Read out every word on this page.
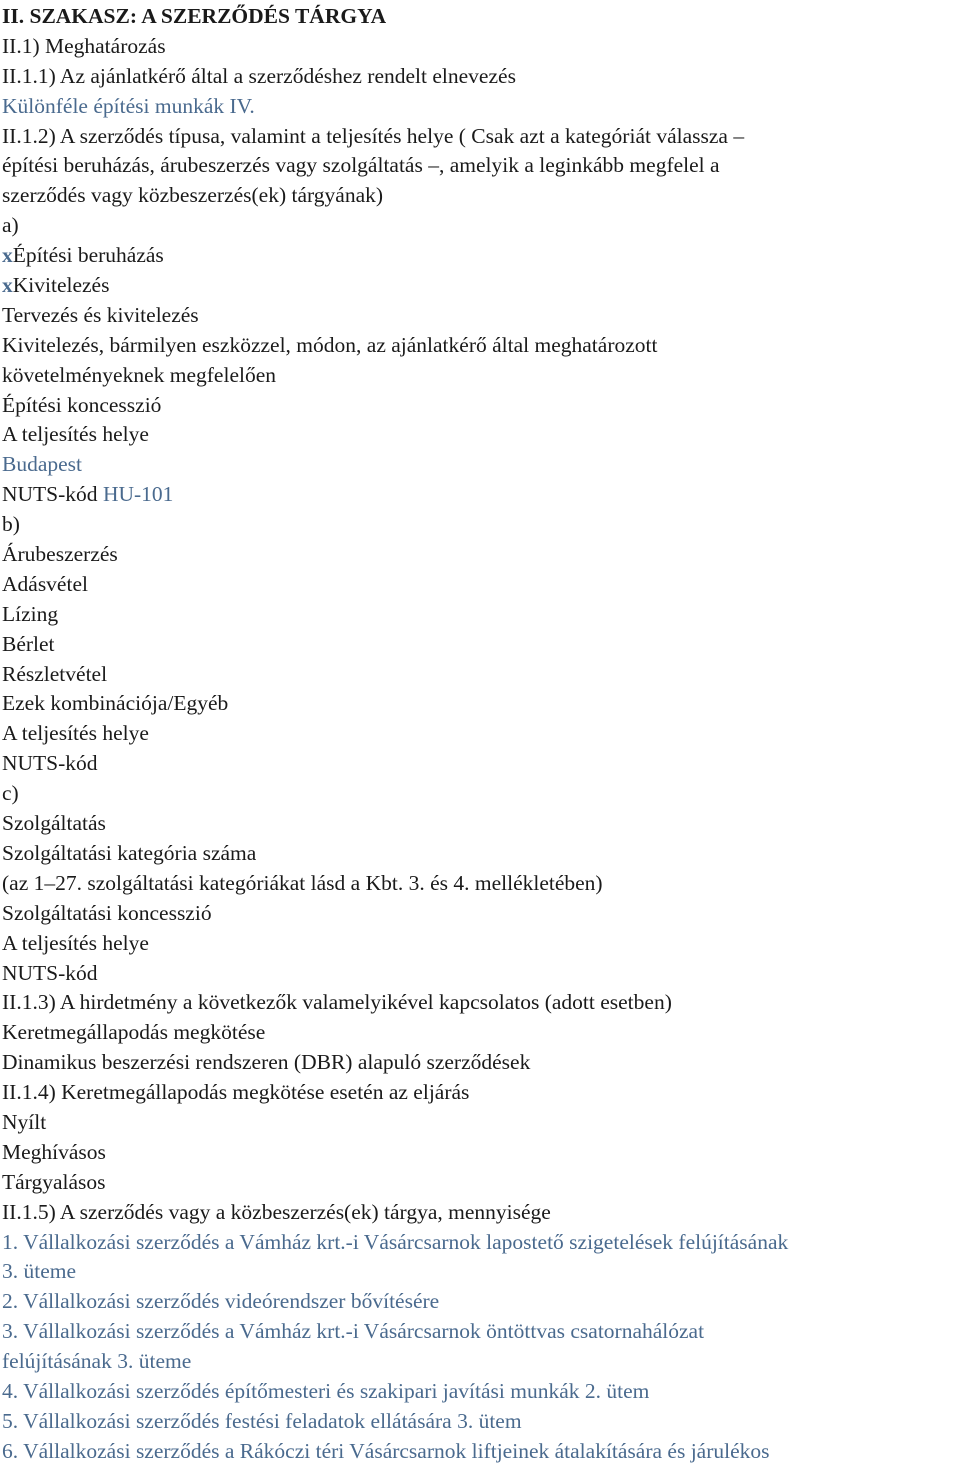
II. SZAKASZ: A SZERZŐDÉS TÁRGYA
II.1) Meghatározás
II.1.1) Az ajánlatkérő által a szerződéshez rendelt elnevezés
Különféle építési munkák IV.
II.1.2) A szerződés típusa, valamint a teljesítés helye ( Csak azt a kategóriát válassza –
építési beruházás, árubeszerzés vagy szolgáltatás –, amelyik a leginkább megfelel a
szerződés vagy közbeszerzés(ek) tárgyának)
a)
xÉpítési beruházás
xKivitelezés
Tervezés és kivitelezés
Kivitelezés, bármilyen eszközzel, módon, az ajánlatkérő által meghatározott
követelményeknek megfelelően
Építési koncesszió
A teljesítés helye
Budapest
NUTS-kód HU-101
b)
Árubeszerzés
Adásvétel
Lízing
Bérlet
Részletvétel
Ezek kombinációja/Egyéb
A teljesítés helye
NUTS-kód
c)
Szolgáltatás
Szolgáltatási kategória száma
(az 1–27. szolgáltatási kategóriákat lásd a Kbt. 3. és 4. mellékletében)
Szolgáltatási koncesszió
A teljesítés helye
NUTS-kód
II.1.3) A hirdetmény a következők valamelyikével kapcsolatos (adott esetben)
Keretmegállapodás megkötése
Dinamikus beszerzési rendszeren (DBR) alapuló szerződések
II.1.4) Keretmegállapodás megkötése esetén az eljárás
Nyílt
Meghívásos
Tárgyalásos
II.1.5) A szerződés vagy a közbeszerzés(ek) tárgya, mennyisége
1. Vállalkozási szerződés a Vámház krt.-i Vásárcsarnok lapostető szigetelések felújításának
3. üteme
2. Vállalkozási szerződés videórendszer bővítésére
3. Vállalkozási szerződés a Vámház krt.-i Vásárcsarnok öntöttvas csatornahálózat
felújításának 3. üteme
4. Vállalkozási szerződés építőmesteri és szakipari javítási munkák 2. ütem
5. Vállalkozási szerződés festési feladatok ellátására 3. ütem
6. Vállalkozási szerződés a Rákóczi téri Vásárcsarnok liftjeinek átalakítására és járulékos
